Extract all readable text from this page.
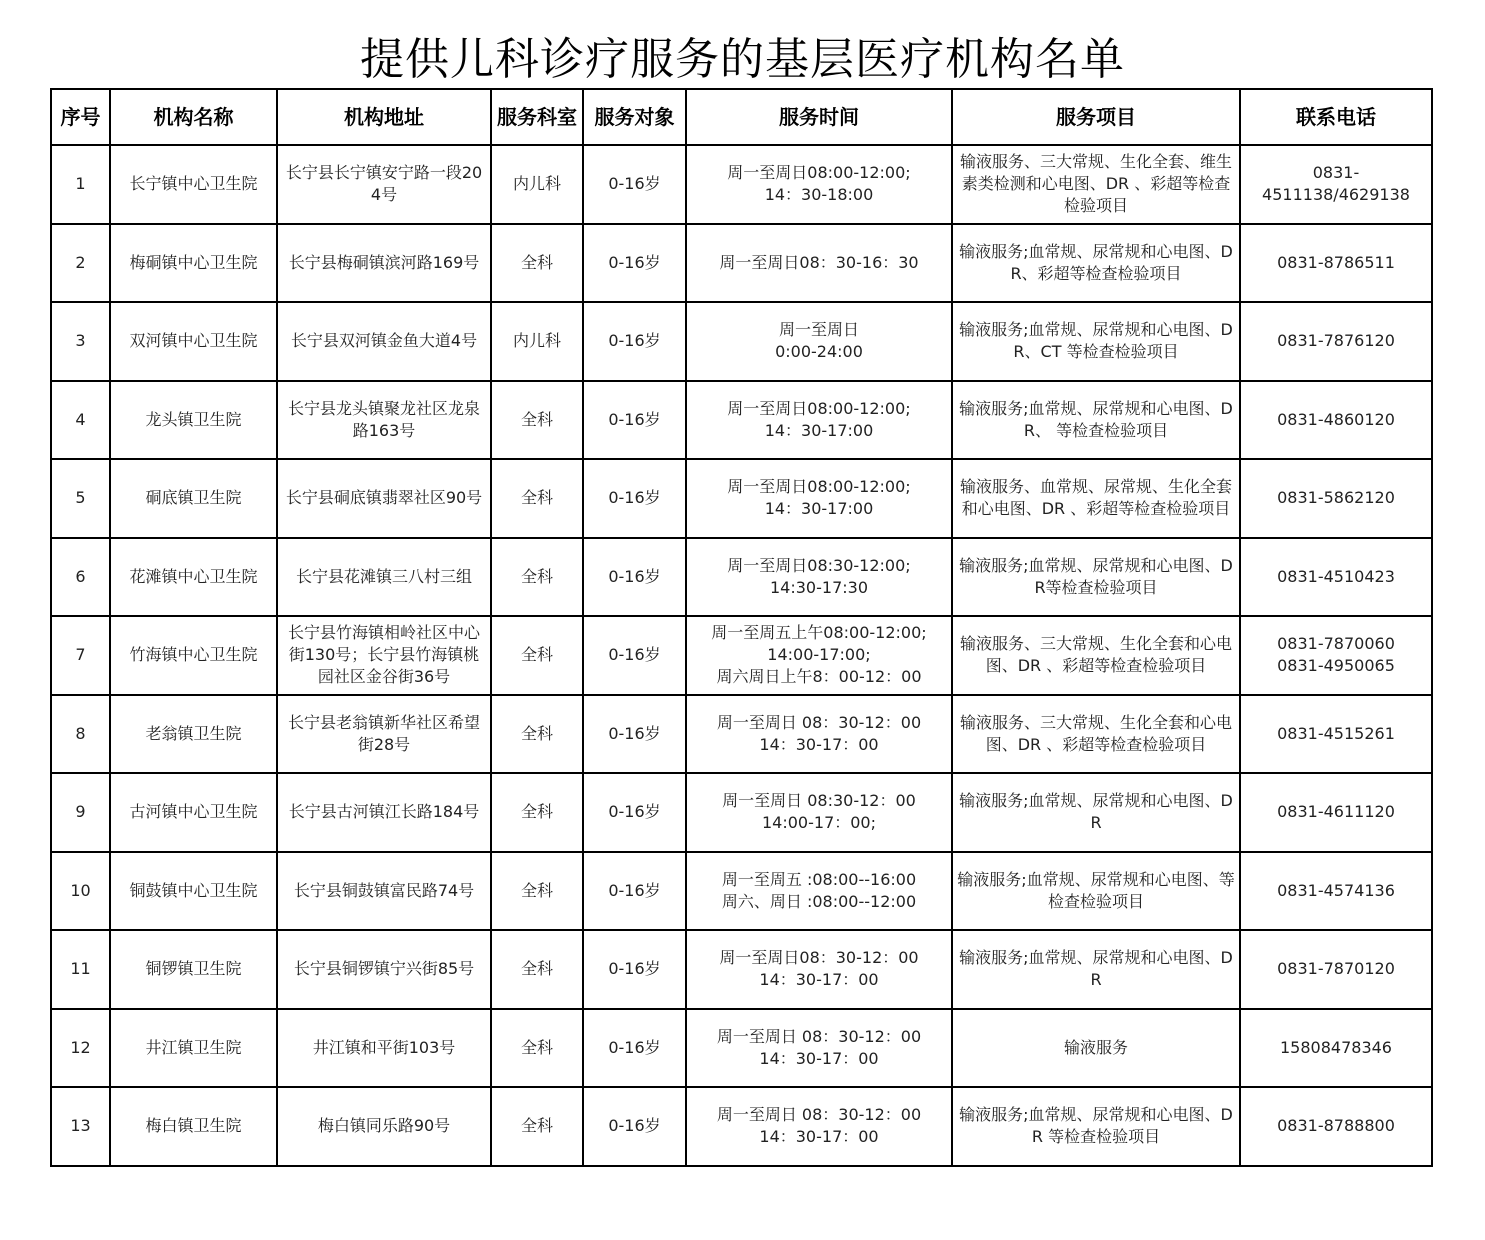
提供儿科诊疗服务的基层医疗机构名单
序号	机构名称	机构地址	服务科室	服务对象	服务时间	服务项目	联系电话

1	长宁镇中心卫生院	长宁县长宁镇安宁路一段204号	内儿科	0-16岁	周一至周日08:00-12:00;
14：30-18:00	输液服务、三大常规、生化全套、维生素类检测和心电图、DR 、彩超等检查检验项目	0831-
4511138/4629138

2	梅硐镇中心卫生院	长宁县梅硐镇滨河路169号	全科	0-16岁	周一至周日08：30-16：30	输液服务;血常规、尿常规和心电图、DR、彩超等检查检验项目	0831-8786511

3	双河镇中心卫生院	长宁县双河镇金鱼大道4号	内儿科	0-16岁	周一至周日
0:00-24:00	输液服务;血常规、尿常规和心电图、DR、CT 等检查检验项目	0831-7876120

4	龙头镇卫生院	长宁县龙头镇聚龙社区龙泉路163号	全科	0-16岁	周一至周日08:00-12:00;
14：30-17:00	输液服务;血常规、尿常规和心电图、DR、 等检查检验项目	0831-4860120

5	硐底镇卫生院	长宁县硐底镇翡翠社区90号	全科	0-16岁	周一至周日08:00-12:00;
14：30-17:00	输液服务、血常规、尿常规、生化全套和心电图、DR 、彩超等检查检验项目	0831-5862120

6	花滩镇中心卫生院	长宁县花滩镇三八村三组	全科	0-16岁	周一至周日08:30-12:00;
14:30-17:30	输液服务;血常规、尿常规和心电图、DR等检查检验项目	0831-4510423

7	竹海镇中心卫生院	长宁县竹海镇相岭社区中心街130号；长宁县竹海镇桃园社区金谷街36号	全科	0-16岁	周一至周五上午08:00-12:00;
14:00-17:00;
周六周日上午8：00-12：00	输液服务、三大常规、生化全套和心电图、DR 、彩超等检查检验项目	0831-7870060
0831-4950065

8	老翁镇卫生院	长宁县老翁镇新华社区希望街28号	全科	0-16岁	周一至周日 08：30-12：00
14：30-17：00	输液服务、三大常规、生化全套和心电图、DR 、彩超等检查检验项目	0831-4515261

9	古河镇中心卫生院	长宁县古河镇江长路184号	全科	0-16岁	周一至周日 08:30-12：00
14:00-17：00;	输液服务;血常规、尿常规和心电图、DR	0831-4611120

10	铜鼓镇中心卫生院	长宁县铜鼓镇富民路74号	全科	0-16岁	周一至周五 :08:00--16:00
周六、周日 :08:00--12:00	输液服务;血常规、尿常规和心电图、等检查检验项目	0831-4574136

11	铜锣镇卫生院	长宁县铜锣镇宁兴街85号	全科	0-16岁	周一至周日08：30-12：00
14：30-17：00	输液服务;血常规、尿常规和心电图、DR	0831-7870120

12	井江镇卫生院	井江镇和平街103号	全科	0-16岁	周一至周日 08：30-12：00
14：30-17：00	输液服务	15808478346

13	梅白镇卫生院	梅白镇同乐路90号	全科	0-16岁	周一至周日 08：30-12：00
14：30-17：00	输液服务;血常规、尿常规和心电图、DR 等检查检验项目	0831-8788800
